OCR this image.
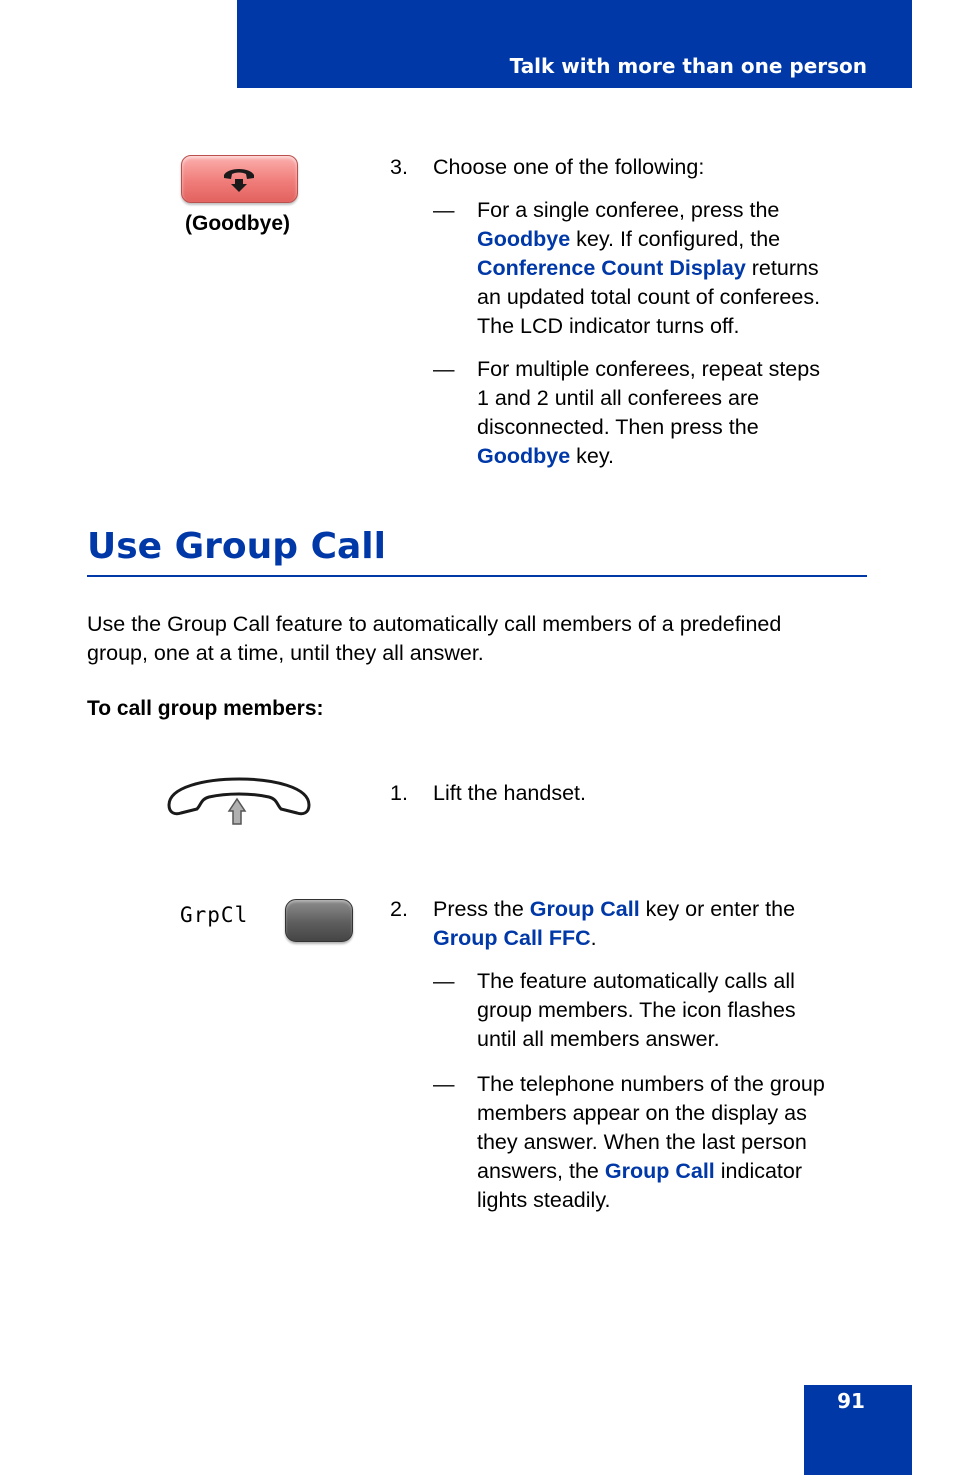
Talk with more than one person
(Goodbye)
3. Choose one of the following:

— For a single conferee, press the
Goodbye key. If configured, the
Conference Count Display returns
an updated total count of conferees.
The LCD indicator turns off.
— For multiple conferees, repeat steps
1 and 2 until all conferees are
disconnected. Then press the
Goodbye key.
Use Group Call
Use the Group Call feature to automatically call members of a predefined
group, one at a time, until they all answer.

To call group members:

1. Lift the handset.

GrpCl	2. Press the Group Call key or enter the
Group Call FFC.
— The feature automatically calls all
group members. The icon flashes
until all members answer.
— The telephone numbers of the group
members appear on the display as
they answer. When the last person
answers, the Group Call indicator
lights steadily.
91
